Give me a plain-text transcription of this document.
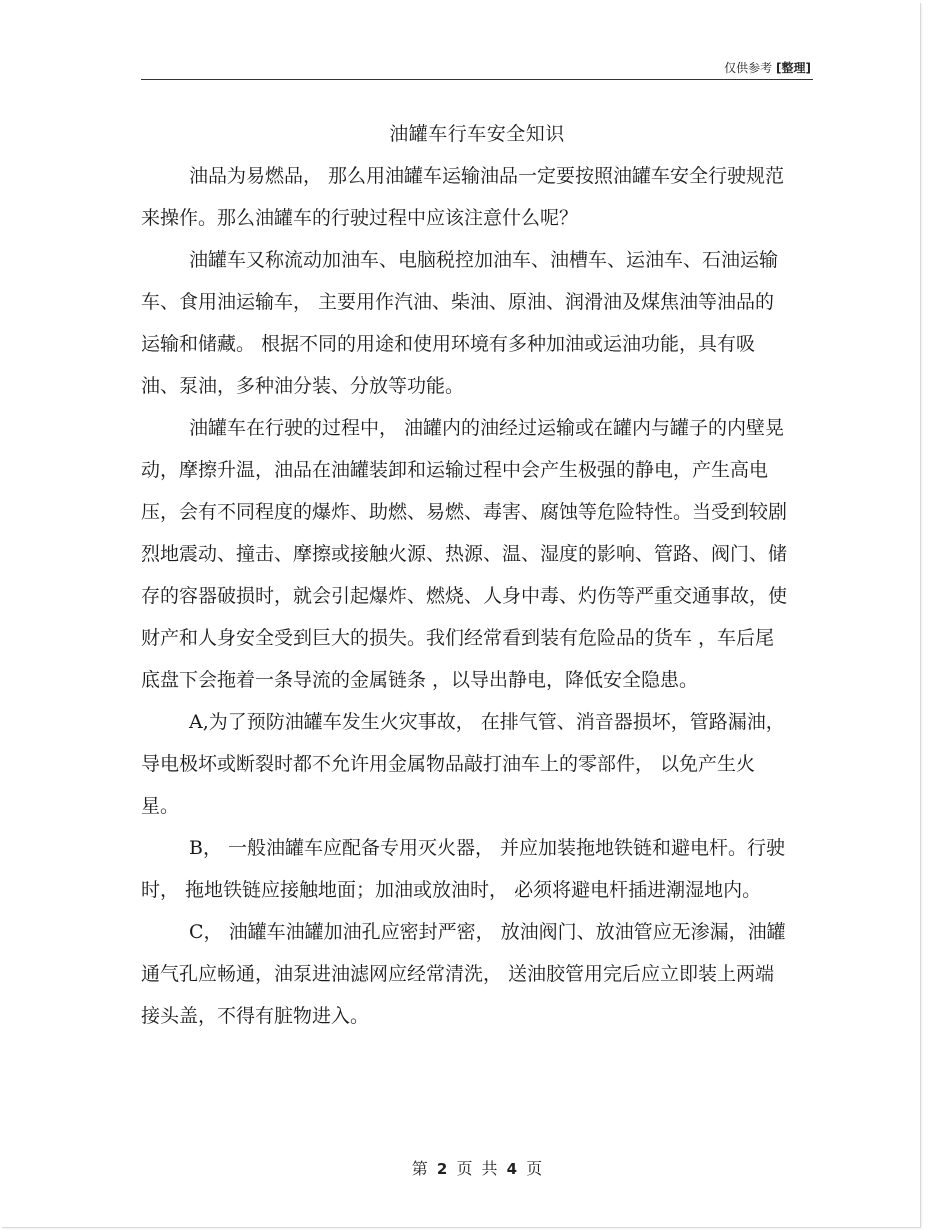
仅供参考 [整理]
油罐车行车安全知识

油品为易燃品， 那么用油罐车运输油品一定要按照油罐车安全行驶规范来操作。那么油罐车的行驶过程中应该注意什么呢？

油罐车又称流动加油车、电脑税控加油车、油槽车、运油车、石油运输车、食用油运输车， 主要用作汽油、柴油、原油、润滑油及煤焦油等油品的运输和储藏。 根据不同的用途和使用环境有多种加油或运油功能，具有吸油、泵油，多种油分装、分放等功能。

油罐车在行驶的过程中， 油罐内的油经过运输或在罐内与罐子的内壁晃动，摩擦升温，油品在油罐装卸和运输过程中会产生极强的静电，产生高电压，会有不同程度的爆炸、助燃、易燃、毒害、腐蚀等危险特性。当受到较剧烈地震动、撞击、摩擦或接触火源、热源、温、湿度的影响、管路、阀门、储存的容器破损时，就会引起爆炸、燃烧、人身中毒、灼伤等严重交通事故，使财产和人身安全受到巨大的损失。我们经常看到装有危险品的货车 ，车后尾底盘下会拖着一条导流的金属链条 ，以导出静电，降低安全隐患。

A,为了预防油罐车发生火灾事故， 在排气管、消音器损坏，管路漏油，导电极坏或断裂时都不允许用金属物品敲打油车上的零部件， 以免产生火星。

B， 一般油罐车应配备专用灭火器， 并应加装拖地铁链和避电杆。行驶时， 拖地铁链应接触地面；加油或放油时， 必须将避电杆插进潮湿地内。

C， 油罐车油罐加油孔应密封严密， 放油阀门、放油管应无渗漏，油罐通气孔应畅通，油泵进油滤网应经常清洗， 送油胶管用完后应立即装上两端接头盖，不得有脏物进入。

第 2 页 共 4 页
